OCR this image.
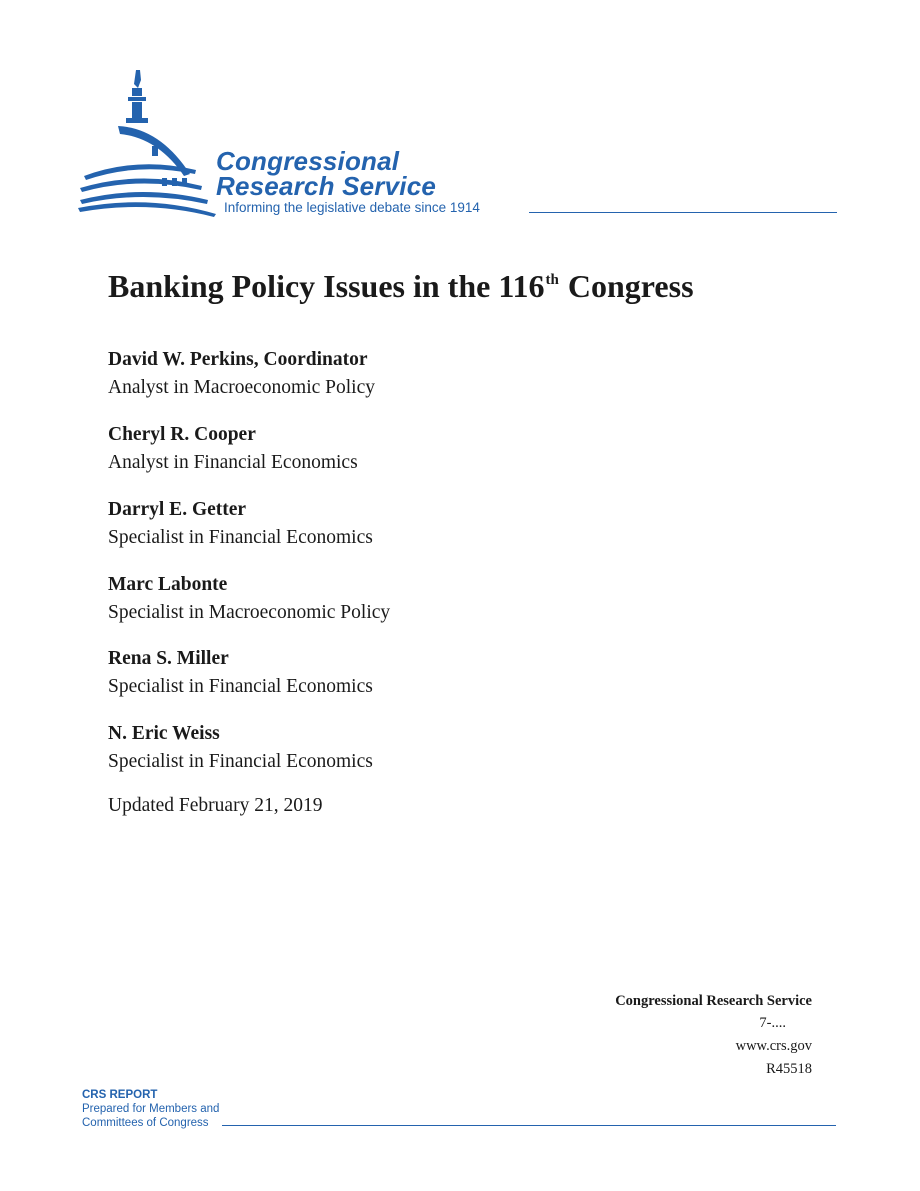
Congressional
Research Service
Informing the legislative debate since 1914
Banking Policy Issues in the 116th Congress
David W. Perkins, Coordinator
Analyst in Macroeconomic Policy
Cheryl R. Cooper
Analyst in Financial Economics
Darryl E. Getter
Specialist in Financial Economics
Marc Labonte
Specialist in Macroeconomic Policy
Rena S. Miller
Specialist in Financial Economics
N. Eric Weiss
Specialist in Financial Economics
Updated February 21, 2019
Congressional Research Service
7-....
www.crs.gov
R45518
CRS REPORT
Prepared for Members and
Committees of Congress
